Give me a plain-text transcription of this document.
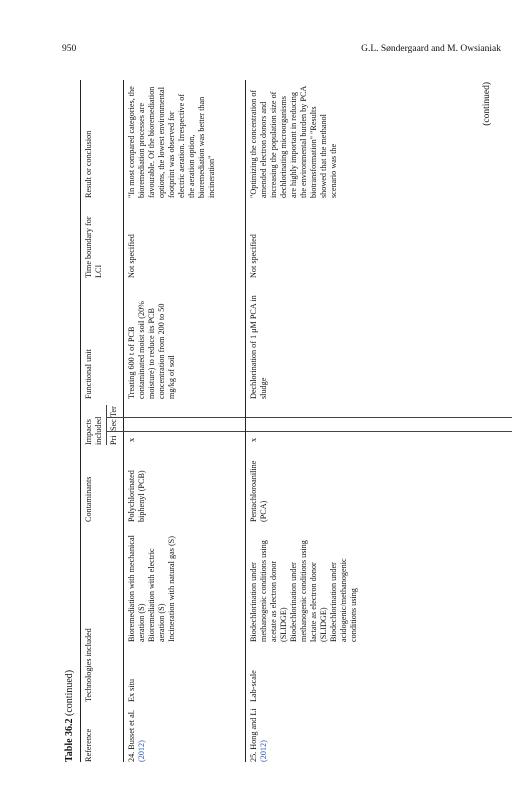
950	G.L. Søndergaard and M. Owsianiak
Table 36.2 (continued)
Reference
Technologies included
Contaminants
Impacts included Pri
Sec
Ter
Functional unit
Time boundary for LCI
Result or conclusion

24. Busset et al. (2012)

Ex situ

Bioremediation with mechanical aeration (S) Bioremediation with electric aeration (S) Incineration with natural gas (S)

Polychlorinated biphenyl (PCB)
x
Treating 600 t of PCB contaminated moist soil (20% moisture) to reduce its PCB concentration from 200 to 50 mg/kg of soil
Not specified
"In most compared categories, the bioremediation processes are favourable. Of the bioremediation options, the lowest environmental footprint was observed for electric aeration. Irrespective of the aeration option, bioremediation was better than incineration"

25. Hong and Li (2012)

Lab-scale

Biodechlorination under methanogenic conditions using acetate as electron donor (SLIDGE) Biodechlorination under methanogenic conditions using lactate as electron donor (SLIDGE) Biodechlorination under acidogenic/methanogenic conditions using

Pentachloroaniline (PCA)
x
Dechlorination of 1 μM PCA in sludge
Not specified
"Optimizing the concentration of amended electron donors and increasing the population size of dechlorinating microorganisms are highly important in reducing the environmental burden by PCA biotransformation" "Results showed that the methanol scenario was the
(continued)
